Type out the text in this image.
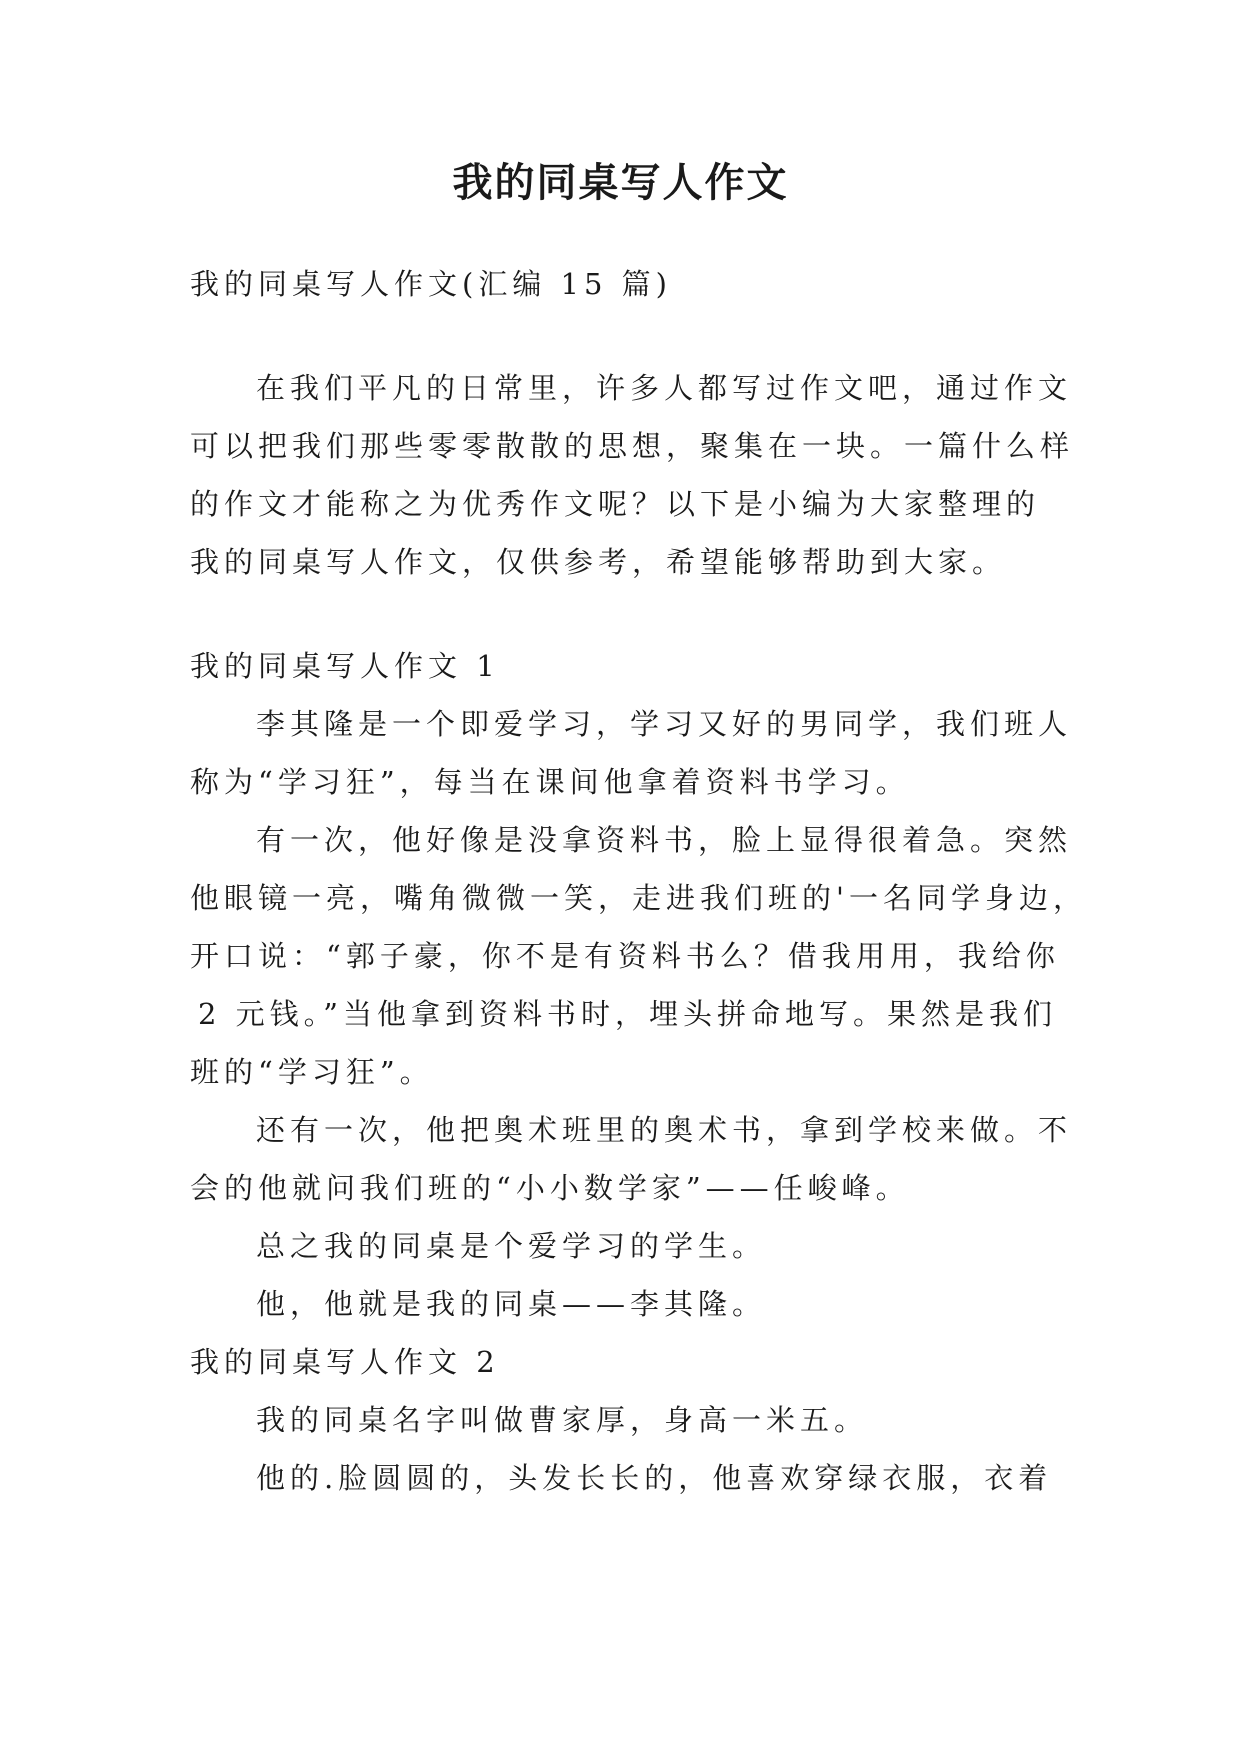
我的同桌写人作文

我的同桌写人作文(汇编 15 篇)

在我们平凡的日常里，许多人都写过作文吧，通过作文

可以把我们那些零零散散的思想，聚集在一块。一篇什么样

的作文才能称之为优秀作文呢？以下是小编为大家整理的

我的同桌写人作文，仅供参考，希望能够帮助到大家。

我的同桌写人作文 1

李其隆是一个即爱学习，学习又好的男同学，我们班人

称为“学习狂”，每当在课间他拿着资料书学习。

有一次，他好像是没拿资料书，脸上显得很着急。突然

他眼镜一亮，嘴角微微一笑，走进我们班的'一名同学身边，

开口说：“郭子豪，你不是有资料书么？借我用用，我给你

2 元钱。”当他拿到资料书时，埋头拼命地写。果然是我们

班的“学习狂”。

还有一次，他把奥术班里的奥术书，拿到学校来做。不

会的他就问我们班的“小小数学家”——任峻峰。

总之我的同桌是个爱学习的学生。

他，他就是我的同桌——李其隆。

我的同桌写人作文 2

我的同桌名字叫做曹家厚，身高一米五。

他的.脸圆圆的，头发长长的，他喜欢穿绿衣服，衣着
